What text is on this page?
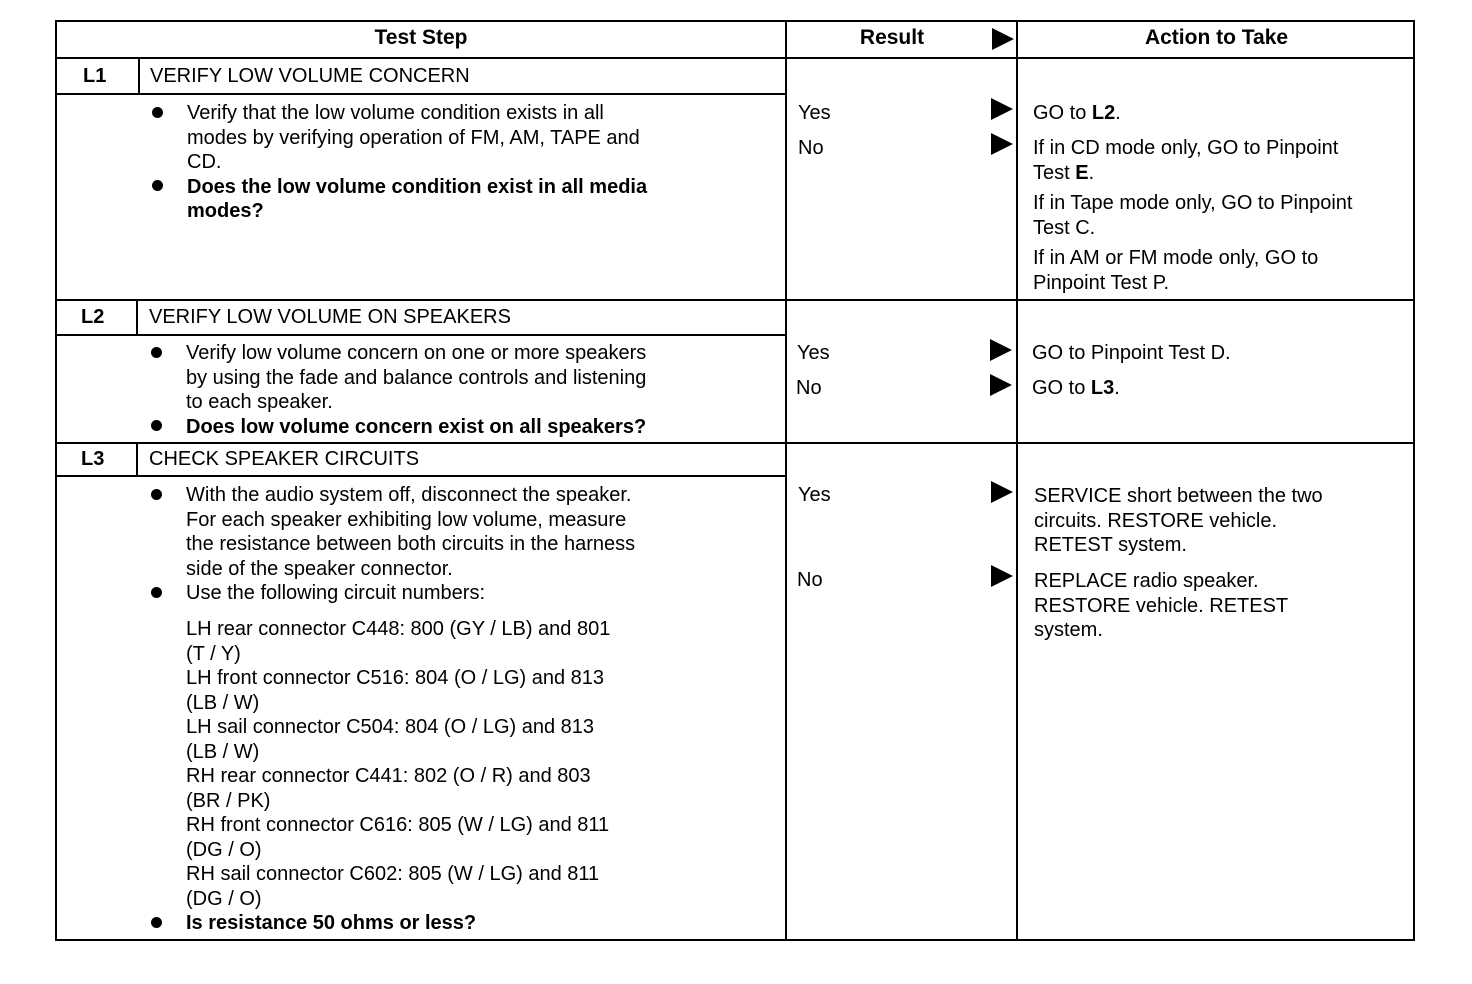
Test Step	Result	Action to Take
L1 VERIFY LOW VOLUME CONCERN
Verify that the low volume condition exists in all
modes by verifying operation of FM, AM, TAPE and
CD.
Does the low volume condition exist in all media
modes?
Yes
No
GO to L2.
If in CD mode only, GO to Pinpoint
Test E.
If in Tape mode only, GO to Pinpoint
Test C.
If in AM or FM mode only, GO to
Pinpoint Test P.
L2 VERIFY LOW VOLUME ON SPEAKERS
Verify low volume concern on one or more speakers
by using the fade and balance controls and listening
to each speaker.
Does low volume concern exist on all speakers?
Yes
No
GO to Pinpoint Test D.
GO to L3.
L3 CHECK SPEAKER CIRCUITS
With the audio system off, disconnect the speaker.
For each speaker exhibiting low volume, measure
the resistance between both circuits in the harness
side of the speaker connector.
Use the following circuit numbers:
LH rear connector C448: 800 (GY / LB) and 801
(T / Y)
LH front connector C516: 804 (O / LG) and 813
(LB / W)
LH sail connector C504: 804 (O / LG) and 813
(LB / W)
RH rear connector C441: 802 (O / R) and 803
(BR / PK)
RH front connector C616: 805 (W / LG) and 811
(DG / O)
RH sail connector C602: 805 (W / LG) and 811
(DG / O)
Is resistance 50 ohms or less?
Yes
No
SERVICE short between the two
circuits. RESTORE vehicle.
RETEST system.
REPLACE radio speaker.
RESTORE vehicle. RETEST
system.
